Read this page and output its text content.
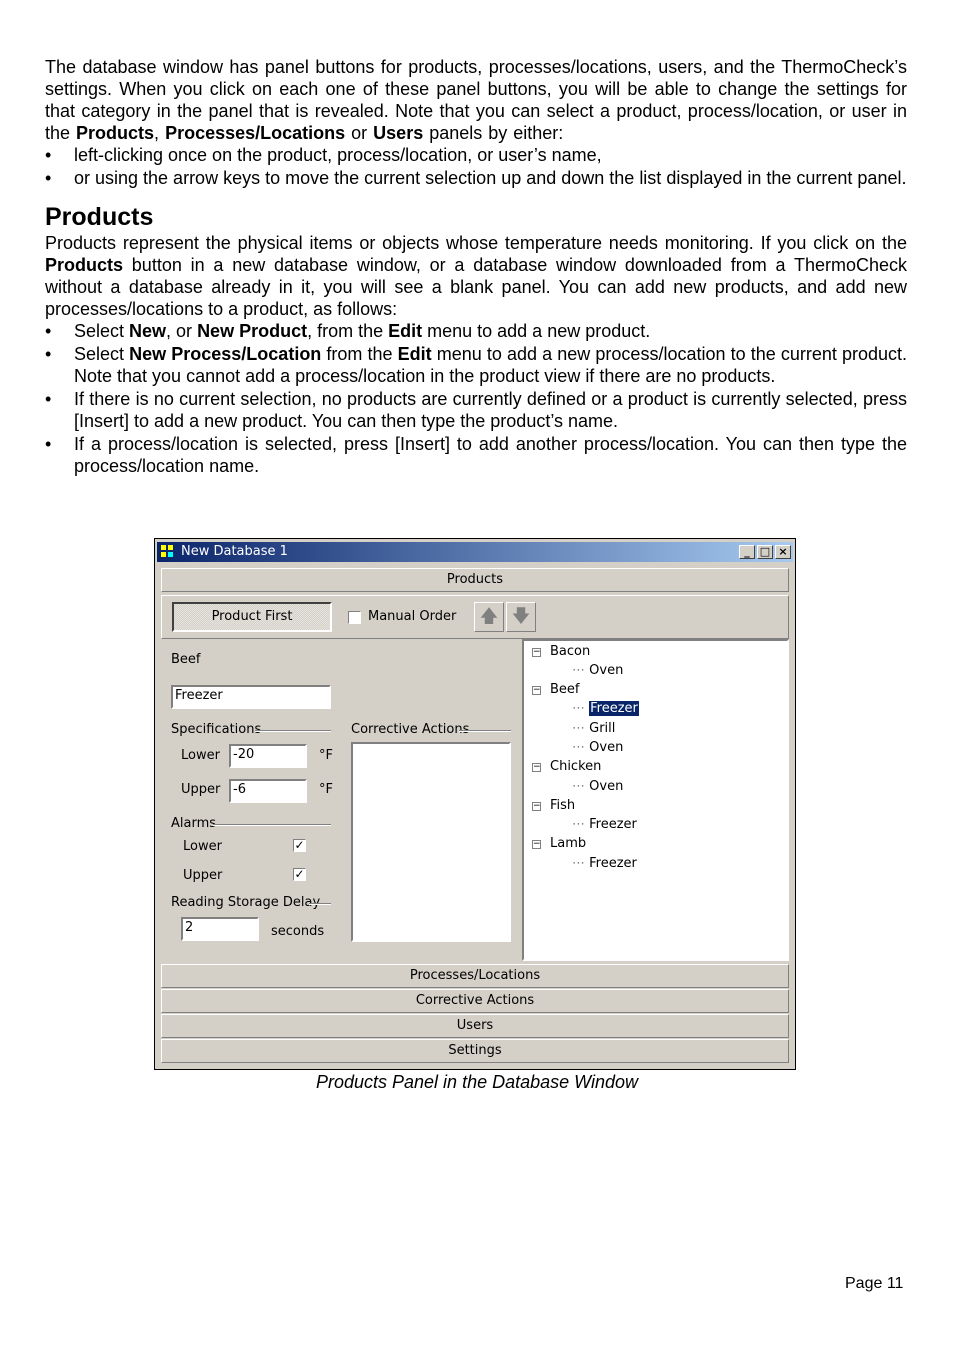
The database window has panel buttons for products, processes/locations, users, and the ThermoCheck’s settings. When you click on each one of these panel buttons, you will be able to change the settings for that category in the panel that is revealed. Note that you can select a product, process/location, or user in the Products, Processes/Locations or Users panels by either:

• left-clicking once on the product, process/location, or user’s name,
• or using the arrow keys to move the current selection up and down the list displayed in the current panel.
Products

Products represent the physical items or objects whose temperature needs monitoring. If you click on the Products button in a new database window, or a database window downloaded from a ThermoCheck without a database already in it, you will see a blank panel. You can add new products, and add new processes/locations to a product, as follows:

• Select New, or New Product, from the Edit menu to add a new product.
• Select New Process/Location from the Edit menu to add a new process/location to the current product. Note that you cannot add a process/location in the product view if there are no products.
• If there is no current selection, no products are currently defined or a product is currently selected, press [Insert] to add a new product. You can then type the product’s name.
• If a process/location is selected, press [Insert] to add another process/location. You can then type the process/location name.
New Database 1	_ □ ×
Products
Product First	Manual Order	🡅 🡇
Beef
Freezer
Specifications	Corrective Actions
Lower	-20	°F
Upper -6	°F
Alarms
Lower	✓
Upper	✓
Reading Storage Delay
2	seconds
− Bacon
⋯ Oven
− Beef
⋯ Freezer
⋯ Grill
⋯ Oven
− Chicken
⋯ Oven
− Fish
⋯ Freezer
− Lamb
⋯ Freezer
Processes/Locations
Corrective Actions
Users
Settings
Products Panel in the Database Window
Page 11
